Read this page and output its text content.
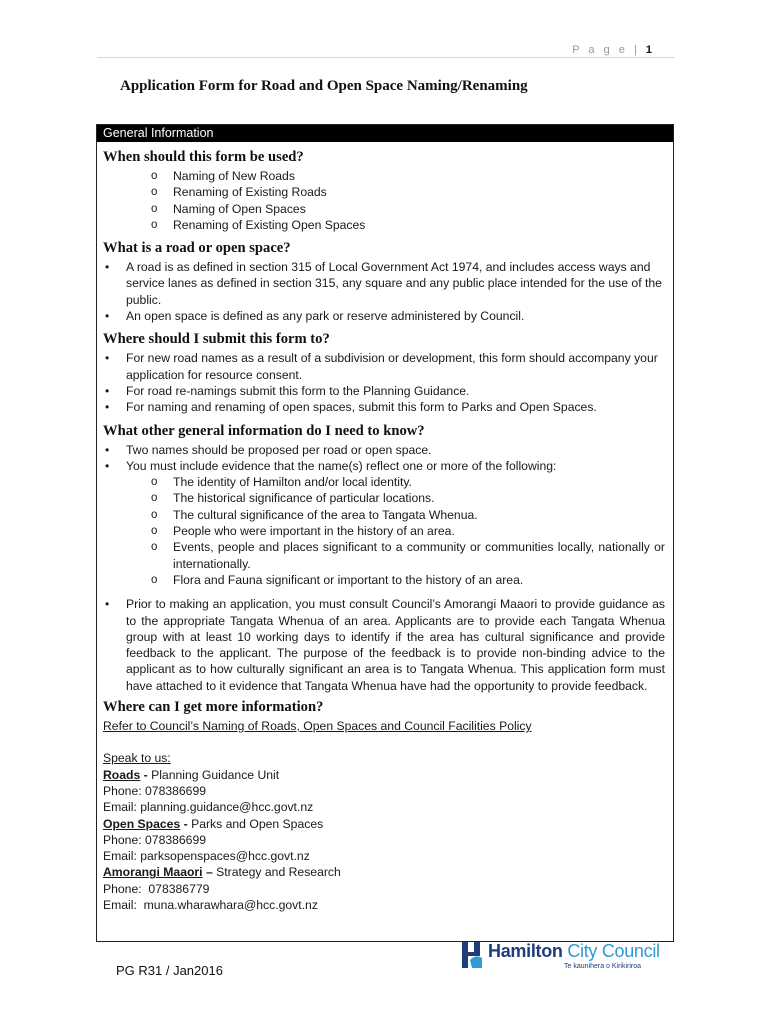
P a g e | 1
Application Form for Road and Open Space Naming/Renaming
General Information
When should this form be used?
o Naming of New Roads
o Renaming of Existing Roads
o Naming of Open Spaces
o Renaming of Existing Open Spaces
What is a road or open space?
• A road is as defined in section 315 of Local Government Act 1974, and includes access ways and service lanes as defined in section 315, any square and any public place intended for the use of the public.
• An open space is defined as any park or reserve administered by Council.
Where should I submit this form to?
• For new road names as a result of a subdivision or development, this form should accompany your application for resource consent.
• For road re-namings submit this form to the Planning Guidance.
• For naming and renaming of open spaces, submit this form to Parks and Open Spaces.
What other general information do I need to know?
• Two names should be proposed per road or open space.
• You must include evidence that the name(s) reflect one or more of the following:
o The identity of Hamilton and/or local identity.
o The historical significance of particular locations.
o The cultural significance of the area to Tangata Whenua.
o People who were important in the history of an area.
o Events, people and places significant to a community or communities locally, nationally or internationally.
o Flora and Fauna significant or important to the history of an area.
• Prior to making an application, you must consult Council’s Amorangi Maaori to provide guidance as to the appropriate Tangata Whenua of an area. Applicants are to provide each Tangata Whenua group with at least 10 working days to identify if the area has cultural significance and provide feedback to the applicant. The purpose of the feedback is to provide non-binding advice to the applicant as to how culturally significant an area is to Tangata Whenua. This application form must have attached to it evidence that Tangata Whenua have had the opportunity to provide feedback.
Where can I get more information?
Refer to Council’s Naming of Roads, Open Spaces and Council Facilities Policy

Speak to us:

Roads - Planning Guidance Unit

Phone: 078386699

Email: planning.guidance@hcc.govt.nz

Open Spaces - Parks and Open Spaces

Phone: 078386699

Email: parksopenspaces@hcc.govt.nz

Amorangi Maaori – Strategy and Research

Phone:  078386779

Email:  muna.wharawhara@hcc.govt.nz

PG R31 / Jan2016
Hamilton City Council
Te kaunihera o Kirikiriroa
